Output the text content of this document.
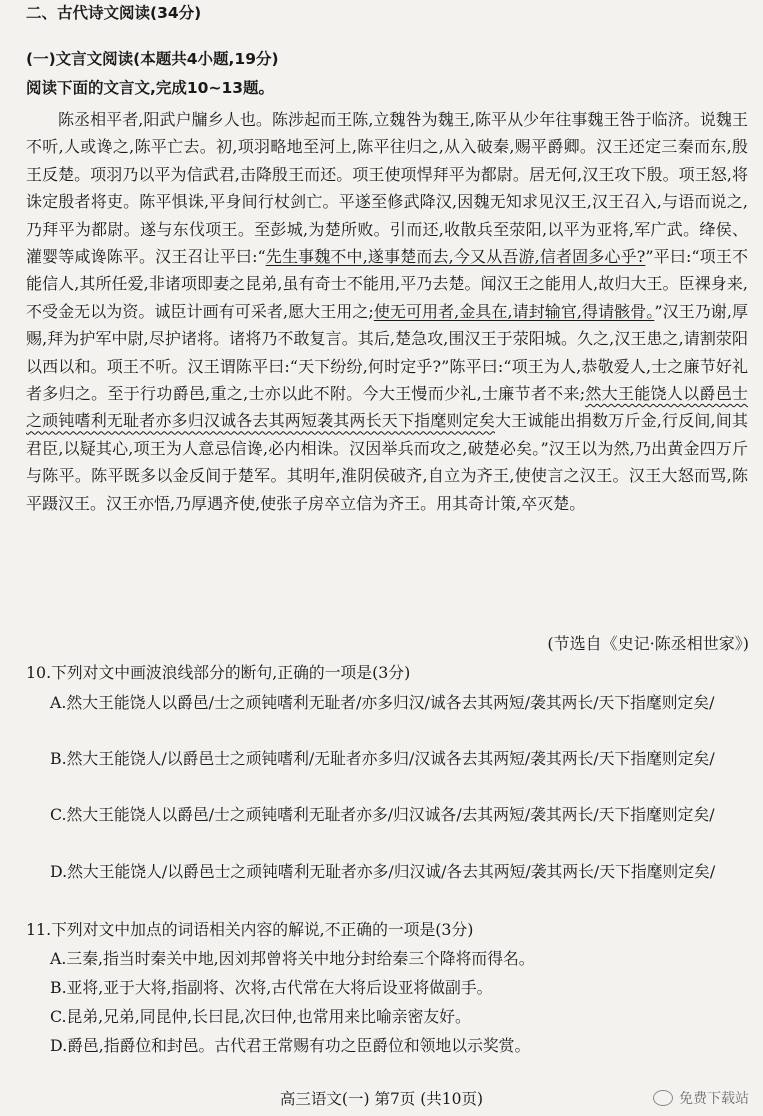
二、古代诗文阅读(34分)
(一)文言文阅读(本题共4小题,19分)
阅读下面的文言文,完成10~13题。

陈丞相平者,阳武户牖乡人也。陈涉起而王陈,立魏咎为魏王,陈平从少年往事魏王咎于临济。说魏王不听,人或谗之,陈平亡去。初,项羽略地至河上,陈平往归之,从入破秦,赐平爵卿。汉王还定三秦而东,殷王反楚。项羽乃以平为信武君,击降殷王而还。项王使项悍拜平为都尉。居无何,汉王攻下殷。项王怒,将诛定殷者将吏。陈平惧诛,平身间行杖剑亡。平遂至修武降汉,因魏无知求见汉王,汉王召入,与语而说之,乃拜平为都尉。遂与东伐项王。至彭城,为楚所败。引而还,收散兵至荥阳,以平为亚将,军广武。绛侯、灌婴等咸谗陈平。汉王召让平曰:“先生事魏不中,遂事楚而去,今又从吾游,信者固多心乎?”平曰:“项王不能信人,其所任爱,非诸项即妻之昆弟,虽有奇士不能用,平乃去楚。闻汉王之能用人,故归大王。臣裸身来,不受金无以为资。诚臣计画有可采者,愿大王用之;使无可用者,金具在,请封输官,得请骸骨。”汉王乃谢,厚赐,拜为护军中尉,尽护诸将。诸将乃不敢复言。其后,楚急攻,围汉王于荥阳城。久之,汉王患之,请割荥阳以西以和。项王不听。汉王谓陈平曰:“天下纷纷,何时定乎?”陈平曰:“项王为人,恭敬爱人,士之廉节好礼者多归之。至于行功爵邑,重之,士亦以此不附。今大王慢而少礼,士廉节者不来;然大王能饶人以爵邑士之顽钝嗜利无耻者亦多归汉诚各去其两短袭其两长天下指麾则定矣大王诚能出捐数万斤金,行反间,间其君臣,以疑其心,项王为人意忌信谗,必内相诛。汉因举兵而攻之,破楚必矣。”汉王以为然,乃出黄金四万斤与陈平。陈平既多以金反间于楚军。其明年,淮阴侯破齐,自立为齐王,使使言之汉王。汉王大怒而骂,陈平蹑汉王。汉王亦悟,乃厚遇齐使,使张子房卒立信为齐王。用其奇计策,卒灭楚。

(节选自《史记·陈丞相世家》)
10.下列对文中画波浪线部分的断句,正确的一项是(3分)
A.然大王能饶人以爵邑/士之顽钝嗜利无耻者/亦多归汉/诚各去其两短/袭其两长/天下指麾则定矣/
B.然大王能饶人/以爵邑士之顽钝嗜利/无耻者亦多归/汉诚各去其两短/袭其两长/天下指麾则定矣/
C.然大王能饶人以爵邑/士之顽钝嗜利无耻者亦多/归汉诚各/去其两短/袭其两长/天下指麾则定矣/
D.然大王能饶人/以爵邑士之顽钝嗜利无耻者亦多/归汉诚/各去其两短/袭其两长/天下指麾则定矣/
11.下列对文中加点的词语相关内容的解说,不正确的一项是(3分)
A.三秦,指当时秦关中地,因刘邦曾将关中地分封给秦三个降将而得名。
B.亚将,亚于大将,指副将、次将,古代常在大将后设亚将做副手。
C.昆弟,兄弟,同昆仲,长曰昆,次曰仲,也常用来比喻亲密友好。
D.爵邑,指爵位和封邑。古代君王常赐有功之臣爵位和领地以示奖赏。
高三语文(一) 第7页 (共10页)	免费下载站
